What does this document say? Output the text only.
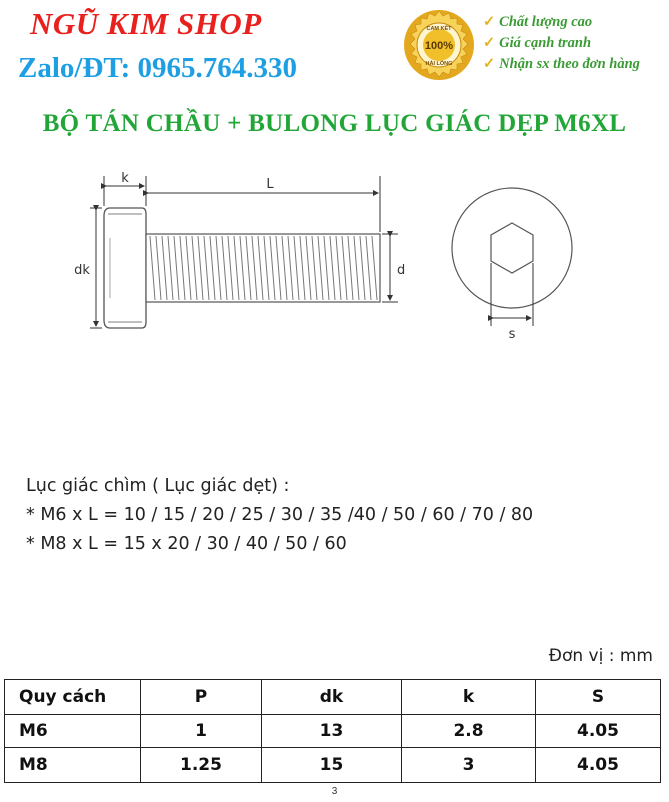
NGŨ KIM SHOP
Zalo/ĐT: 0965.764.330
100%
CAM KẾT
HÀI LÒNG
✓ Chất lượng cao
✓ Giá cạnh tranh
✓ Nhận sx theo đơn hàng
BỘ TÁN CHẦU + BULONG LỤC GIÁC DẸP M6XL
k	L
dk	d
s
Lục giác chìm ( Lục giác dẹt) :
* M6 x L = 10 / 15 / 20 / 25 / 30 / 35 /40 / 50 / 60 / 70 / 80
* M8 x L = 15 x 20 / 30 / 40 / 50 / 60
Đơn vị : mm
Quy cách	P	dk	k	S
M6	1	13	2.8	4.05
M8	1.25	15	3	4.05
3
